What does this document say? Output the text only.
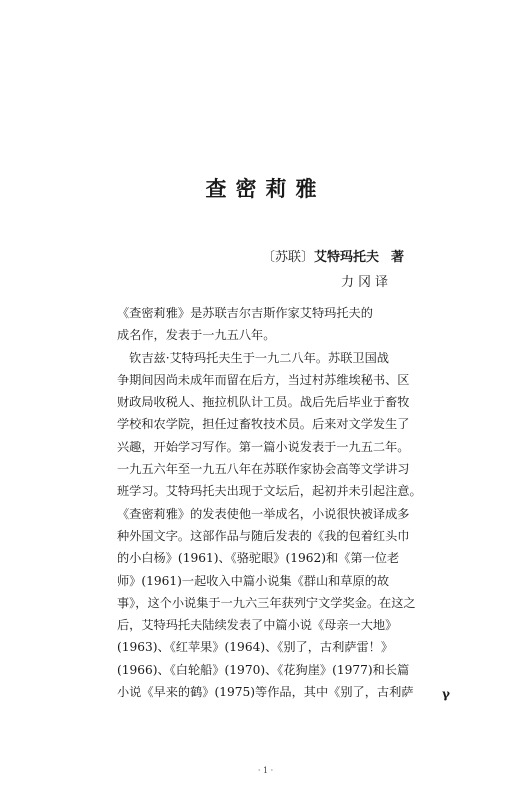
查密莉雅
〔苏联〕艾特玛托夫 著
力冈译
《查密莉雅》是苏联吉尔吉斯作家艾特玛托夫的
成名作，发表于一九五八年。
　钦吉兹·艾特玛托夫生于一九二八年。苏联卫国战
争期间因尚未成年而留在后方，当过村苏维埃秘书、区
财政局收税人、拖拉机队计工员。战后先后毕业于畜牧
学校和农学院，担任过畜牧技术员。后来对文学发生了
兴趣，开始学习写作。第一篇小说发表于一九五二年。
一九五六年至一九五八年在苏联作家协会高等文学讲习
班学习。艾特玛托夫出现于文坛后，起初并未引起注意。
《查密莉雅》的发表使他一举成名，小说很快被译成多
种外国文字。这部作品与随后发表的《我的包着红头巾
的小白杨》(1961)、《骆驼眼》(1962)和《第一位老
师》(1961)一起收入中篇小说集《群山和草原的故
事》，这个小说集于一九六三年获列宁文学奖金。在这之
后，艾特玛托夫陆续发表了中篇小说《母亲一大地》
(1963)、《红苹果》(1964)、《别了，古利萨雷！》
(1966)、《白轮船》(1970)、《花狗崖》(1977)和长篇
小说《早来的鹤》(1975)等作品，其中《别了，古利萨	γ
· 1 ·
